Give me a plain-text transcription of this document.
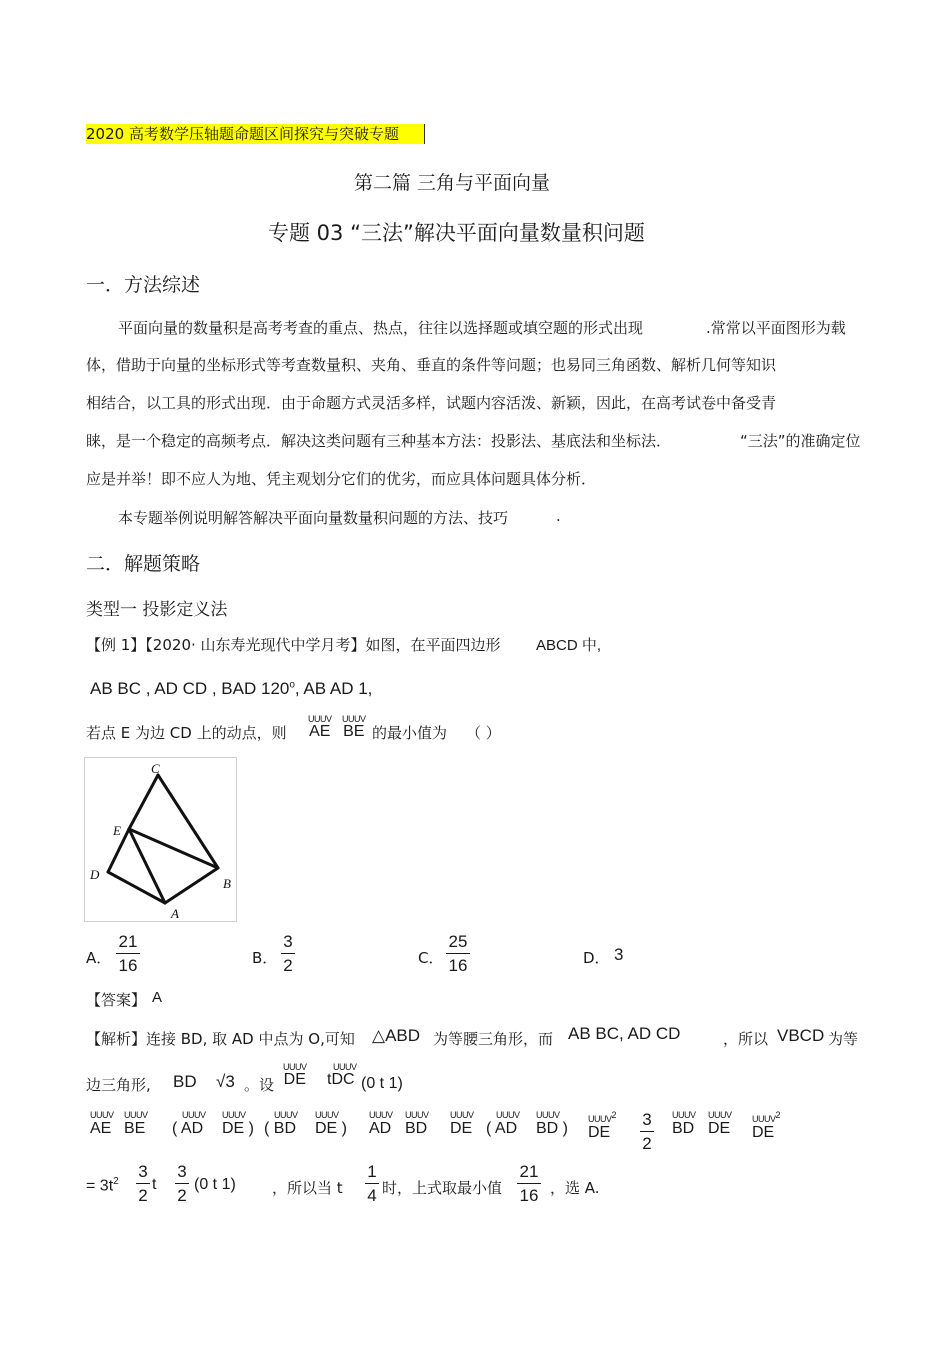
2020 高考数学压轴题命题区间探究与突破专题
第二篇 三角与平面向量
专题 03 “三法”解决平面向量数量积问题
一．方法综述
平面向量的数量积是高考考查的重点、热点，往往以选择题或填空题的形式出现	.常常以平面图形为载
体，借助于向量的坐标形式等考查数量积、夹角、垂直的条件等问题；也易同三角函数、解析几何等知识
相结合，以工具的形式出现．由于命题方式灵活多样，试题内容活泼、新颖，因此，在高考试卷中备受青
睐，是一个稳定的高频考点．解决这类问题有三种基本方法：投影法、基底法和坐标法．	“三法”的准确定位
应是并举！即不应人为地、凭主观划分它们的优劣，而应具体问题具体分析．
本专题举例说明解答解决平面向量数量积问题的方法、技巧	.
二．解题策略
类型一 投影定义法
【例 1】【2020· 山东寿光现代中学月考】如图，在平面四边形 ABCD 中,
AB BC , AD CD , BAD 120$^o$, AB AD 1,
若点 E 为边 CD 上的动点，则
UUUV
AE
UUUV
BE 的最小值为 （ ）
C
E
D
B
A
A．
21
16	B．
3
2	C．
25
16	D． 3
【答案】 A
【解析】连接 BD, 取 AD 中点为 O,可知 △ABD 为等腰三角形，而 AB BC, AD CD	，所以 VBCD 为等
边三角形, BD √3 。设
UUUV
DE
UUUV
tDC (0 t 1)
UUUV
AE
UUUV
BE
UUUV
( AD
UUUV
DE )
UUUV
( BD
UUUV
DE )
UUUV
AD
UUUV
BD
UUUV
DE
UUUV
( AD
UUUV
BD )
UUUV$^2$
DE
3
2
UUUV
BD
UUUV
DE
UUUV$^2$
DE
= $3t^2$
3
2
t
3
2
(0 t 1) ，所以当 t
1
4 时，上式取最小值
21
16 ，选 A.
